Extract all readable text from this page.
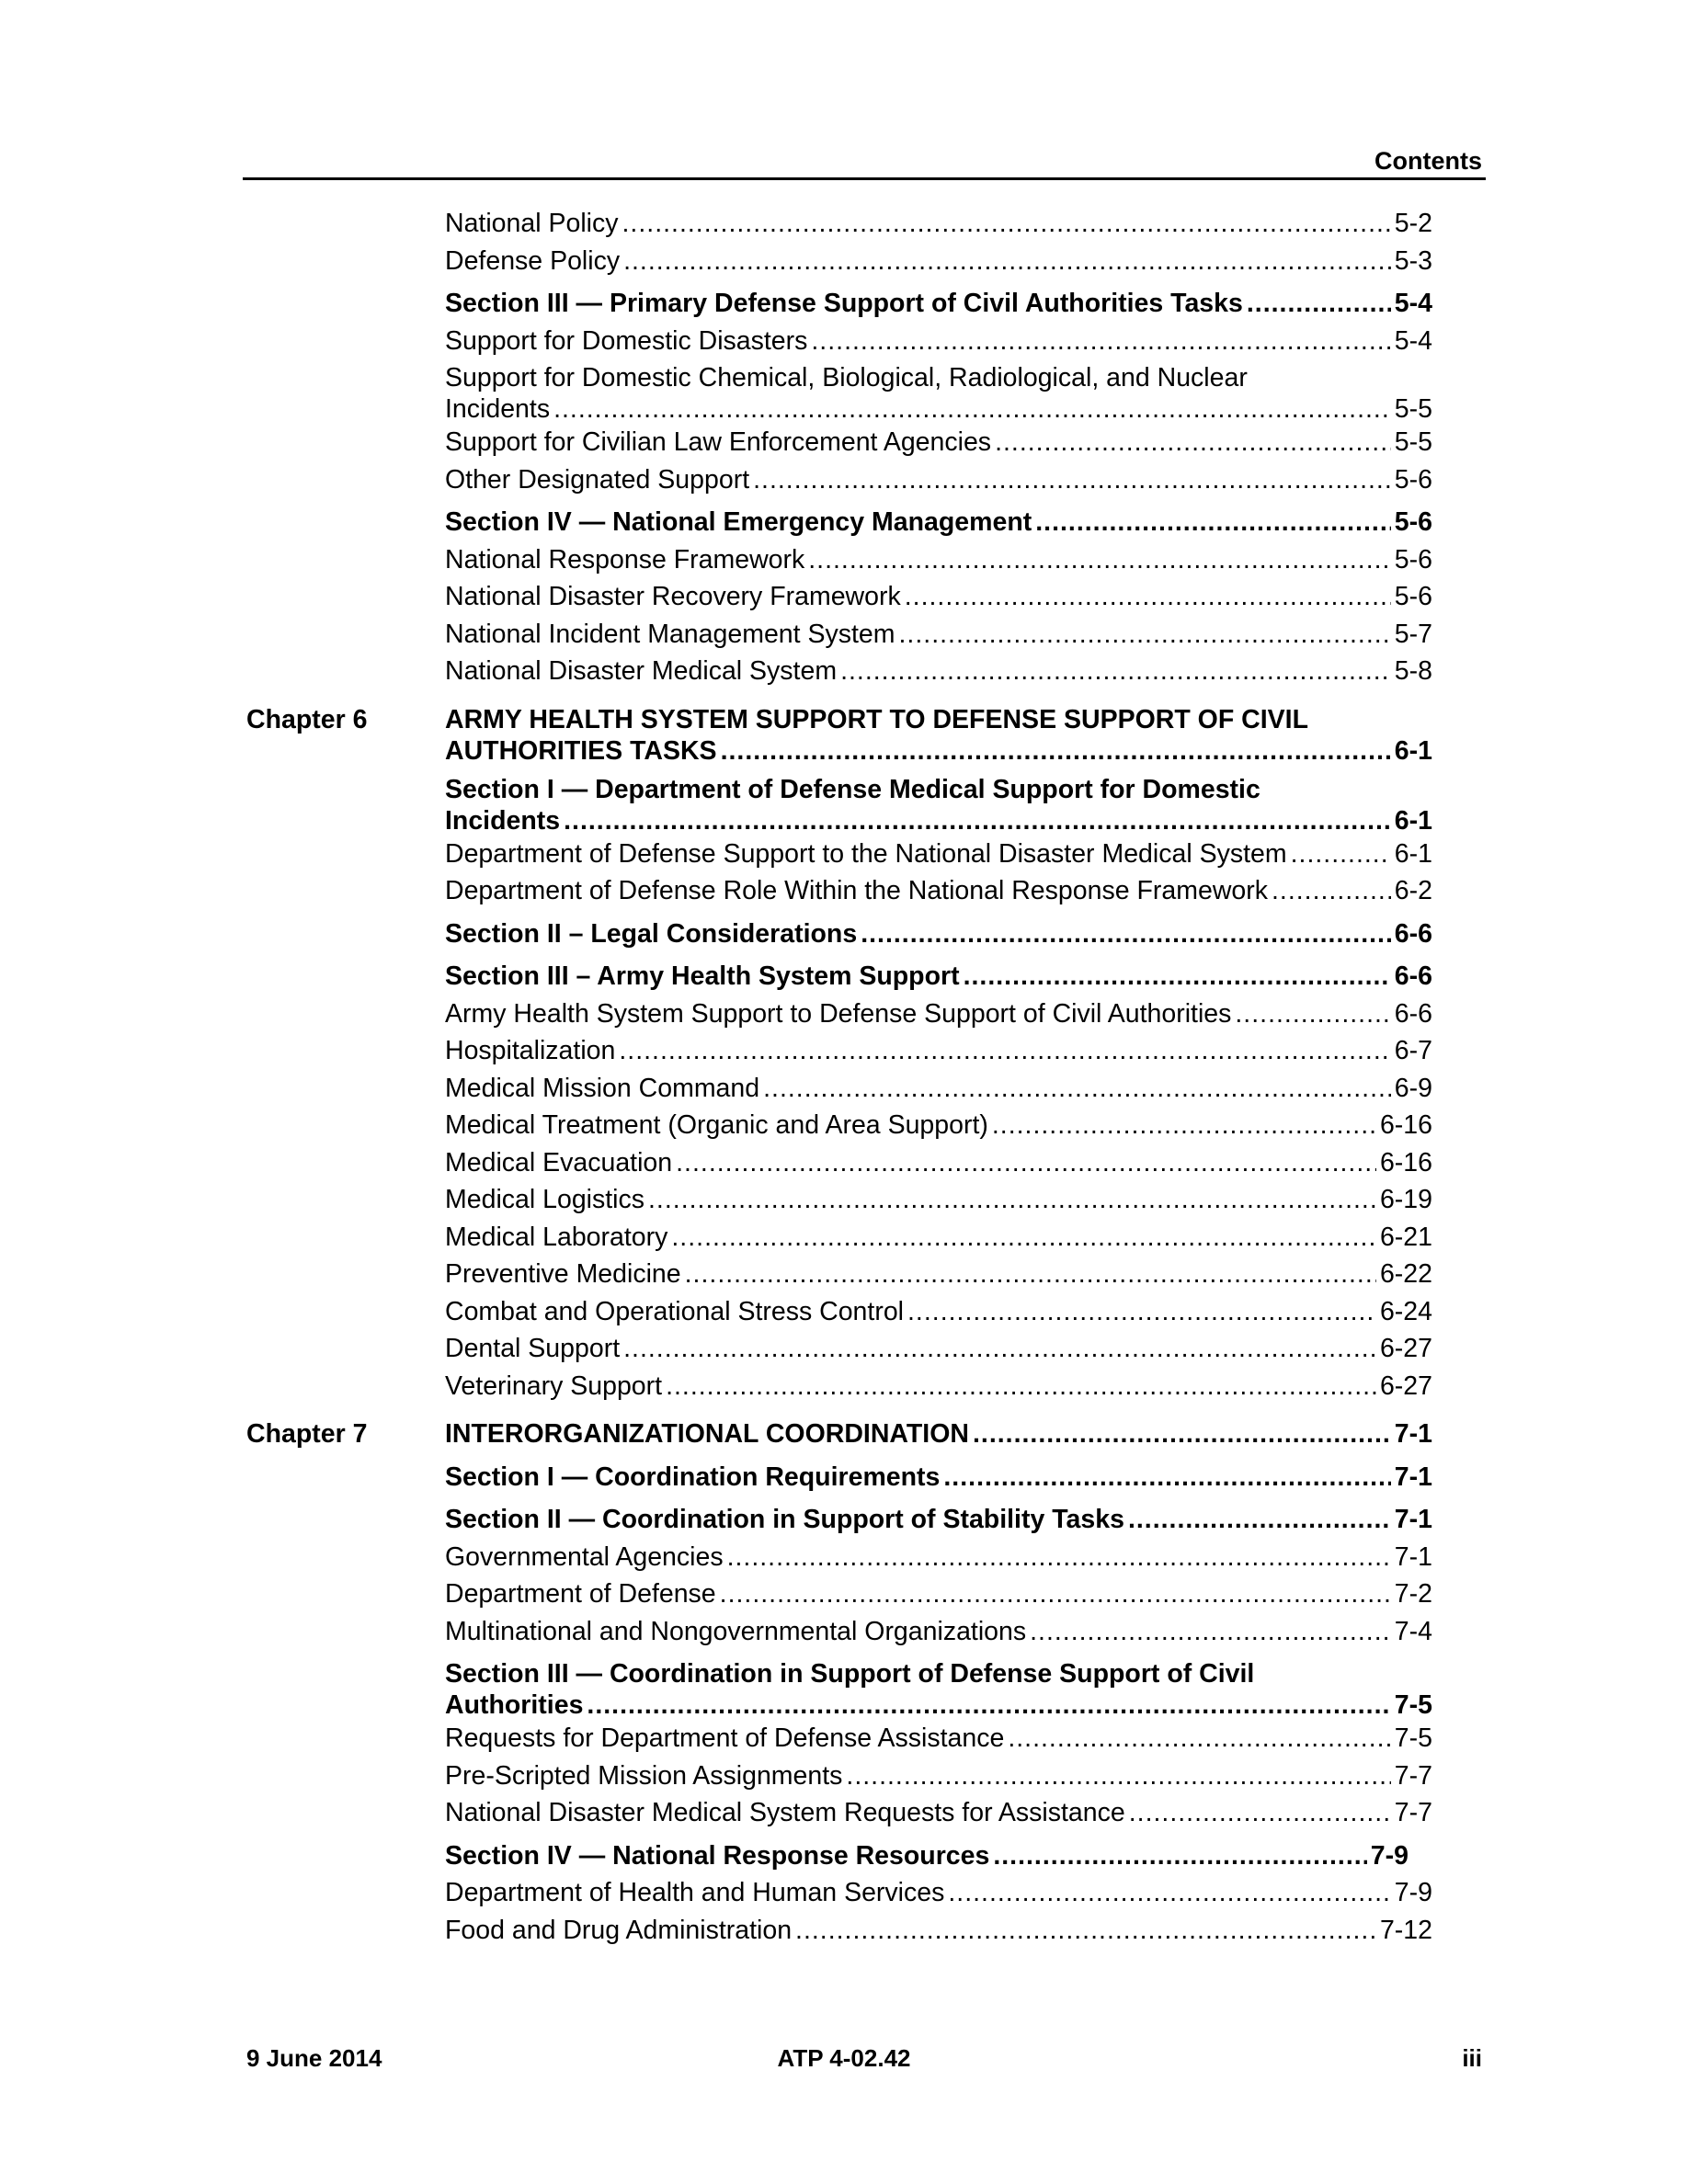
Contents
National Policy .....	5-2
Defense Policy .....	5-3
Section III — Primary Defense Support of Civil Authorities Tasks .....	5-4
Support for Domestic Disasters .....	5-4
Support for Domestic Chemical, Biological, Radiological, and Nuclear
Incidents .....	5-5
Support for Civilian Law Enforcement Agencies .....	5-5
Other Designated Support .....	5-6
Section IV — National Emergency Management .....	5-6
National Response Framework .....	5-6
National Disaster Recovery Framework .....	5-6
National Incident Management System .....	5-7
National Disaster Medical System .....	5-8
Chapter 6	ARMY HEALTH SYSTEM SUPPORT TO DEFENSE SUPPORT OF CIVIL
AUTHORITIES TASKS .....	6-1
Section I — Department of Defense Medical Support for Domestic
Incidents .....	6-1
Department of Defense Support to the National Disaster Medical System .....	6-1
Department of Defense Role Within the National Response Framework .....	6-2
Section II – Legal Considerations .....	6-6
Section III – Army Health System Support .....	6-6
Army Health System Support to Defense Support of Civil Authorities .....	6-6
Hospitalization .....	6-7
Medical Mission Command .....	6-9
Medical Treatment (Organic and Area Support) .....	6-16
Medical Evacuation .....	6-16
Medical Logistics .....	6-19
Medical Laboratory .....	6-21
Preventive Medicine .....	6-22
Combat and Operational Stress Control .....	6-24
Dental Support .....	6-27
Veterinary Support .....	6-27
Chapter 7	INTERORGANIZATIONAL COORDINATION .....	7-1
Section I — Coordination Requirements .....	7-1
Section II — Coordination in Support of Stability Tasks .....	7-1
Governmental Agencies .....	7-1
Department of Defense .....	7-2
Multinational and Nongovernmental Organizations .....	7-4
Section III — Coordination in Support of Defense Support of Civil
Authorities .....	7-5
Requests for Department of Defense Assistance .....	7-5
Pre-Scripted Mission Assignments .....	7-7
National Disaster Medical System Requests for Assistance .....	7-7
Section IV — National Response Resources .....	7-9
Department of Health and Human Services .....	7-9
Food and Drug Administration .....	7-12
9 June 2014	ATP 4-02.42	iii
